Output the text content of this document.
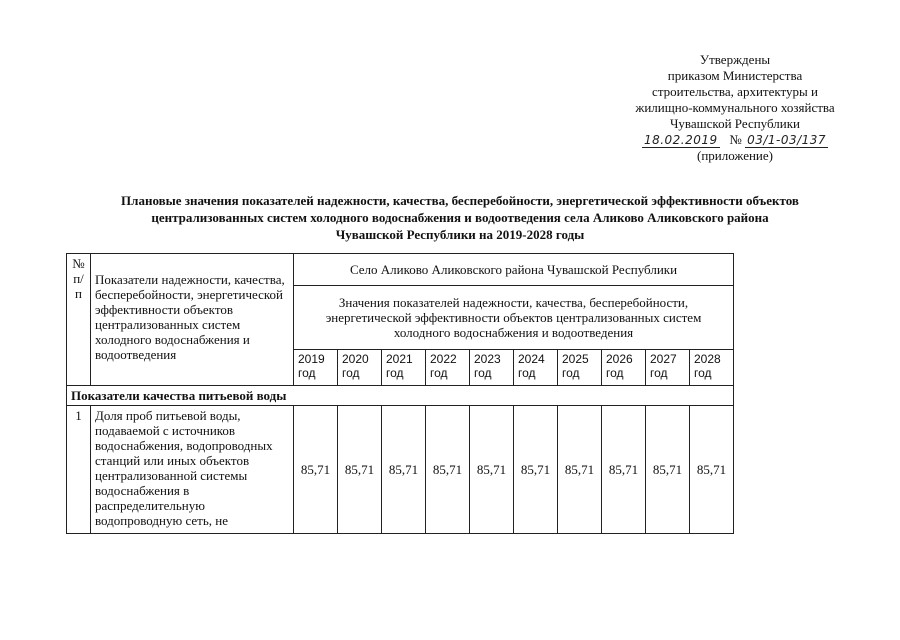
Утверждены
приказом Министерства
строительства, архитектуры и
жилищно-коммунального хозяйства
Чувашской Республики
18.02.2019 № 03/1-03/137
(приложение)
Плановые значения показателей надежности, качества, бесперебойности, энергетической эффективности объектов
централизованных систем холодного водоснабжения и водоотведения села Аликово Аликовского района
Чувашской Республики на 2019-2028 годы
№ п/п	Показатели надежности, качества, бесперебойности, энергетической эффективности объектов централизованных систем холодного водоснабжения и водоотведения	Село Аликово Аликовского района Чувашской Республики									
		Значения показателей надежности, качества, бесперебойности, энергетической эффективности объектов централизованных систем холодного водоснабжения и водоотведения									
		2019 год	2020 год	2021 год	2022 год	2023 год	2024 год	2025 год	2026 год	2027 год	2028 год
Показатели качества питьевой воды											
1	Доля проб питьевой воды, подаваемой с источников водоснабжения, водопроводных станций или иных объектов централизованной системы водоснабжения в распределительную водопроводную сеть, не	85,71	85,71	85,71	85,71	85,71	85,71	85,71	85,71	85,71	85,71
